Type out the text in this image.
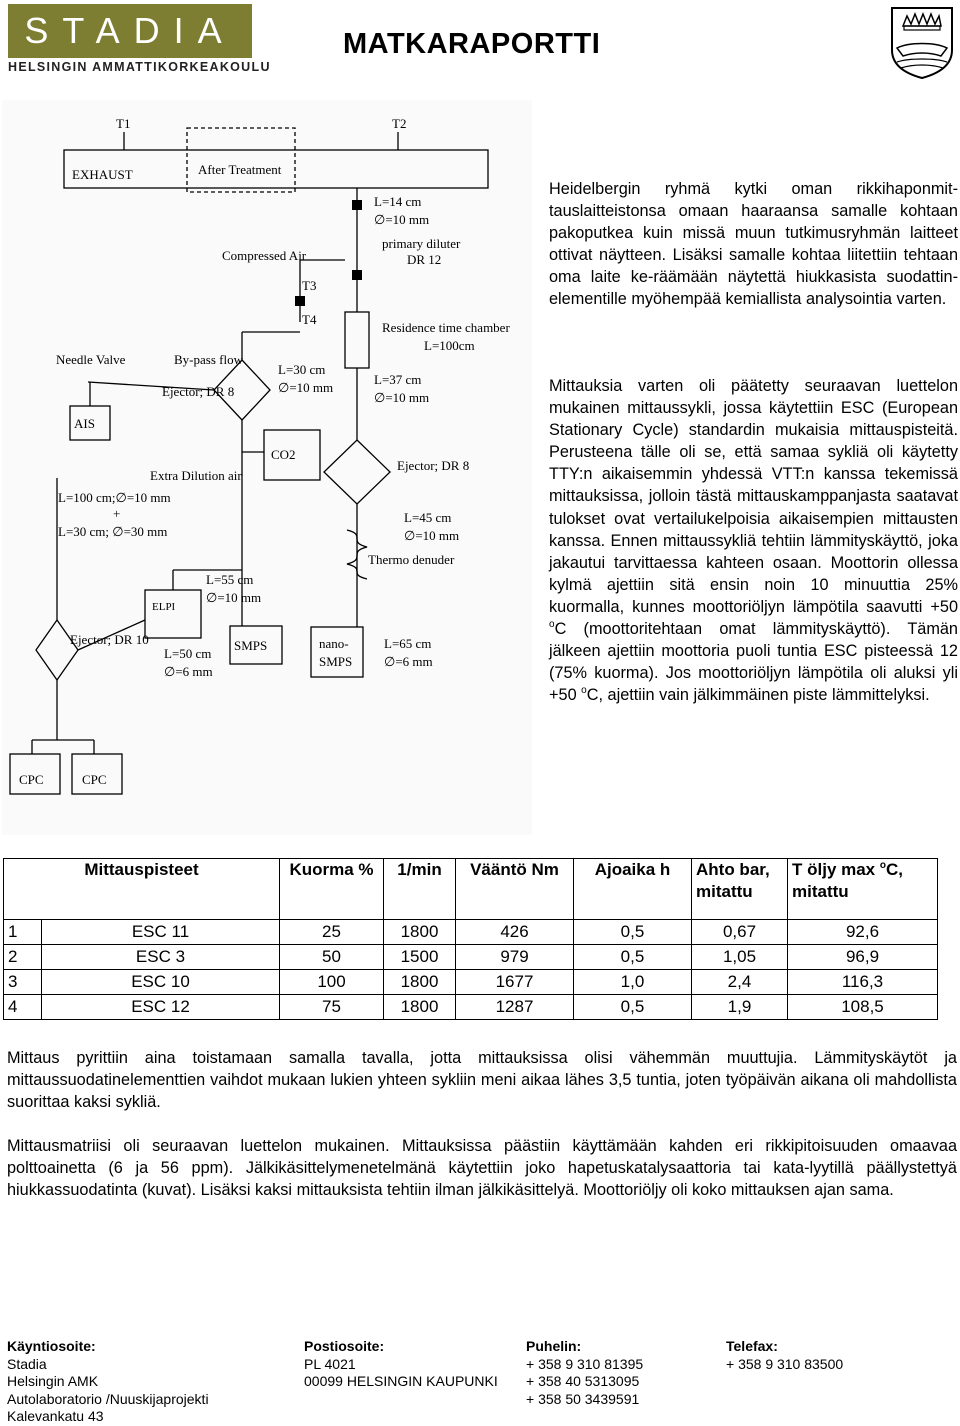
STADIA
HELSINGIN AMMATTIKORKEAKOULU
MATKARAPORTTI
T1	T2
EXHAUST	After Treatment
L=14 cm
∅=10 mm
primary diluter
DR 12
Compressed Air
T3
T4
Residence time chamber
L=100cm
Needle Valve	By-pass flow
Ejector; DR 8
L=30 cm
∅=10 mm
L=37 cm
∅=10 mm
AIS
CO2
Extra Dilution air
Ejector; DR 8
L=100 cm;∅=10 mm
+
L=30 cm; ∅=30 mm
L=45 cm
∅=10 mm
Thermo denuder
L=55 cm
∅=10 mm
ELPI
Ejector; DR 10	SMPS	nano-
SMPS
L=65 cm
∅=6 mm
L=50 cm
∅=6 mm
CPC	CPC
Heidelbergin ryhmä kytki oman rikkihaponmit-tauslaitteistonsa omaan haaraansa samalle kohtaan pakoputkea kuin missä muun tutkimusryhmän laitteet ottivat näytteen. Lisäksi samalle kohtaa liitettiin tehtaan oma laite ke-räämään näytettä hiukkasista suodattin-elementille myöhempää kemiallista analysointia varten.
Mittauksia varten oli päätetty seuraavan luettelon mukainen mittaussykli, jossa käytettiin ESC (European Stationary Cycle) standardin mukaisia mittauspisteitä. Perusteena tälle oli se, että samaa sykliä oli käytetty TTY:n aikaisemmin yhdessä VTT:n kanssa tekemissä mittauksissa, jolloin tästä mittauskamppanjasta saatavat tulokset ovat vertailukelpoisia aikaisempien mittausten kanssa. Ennen mittaussykliä tehtiin lämmityskäyttö, joka jakautui tarvittaessa kahteen osaan. Moottorin ollessa kylmä ajettiin sitä ensin noin 10 minuuttia 25% kuormalla, kunnes moottoriöljyn lämpötila saavutti +50 $^o$C (moottoritehtaan omat lämmityskäyttö). Tämän jälkeen ajettiin moottoria puoli tuntia ESC pisteessä 12 (75% kuorma). Jos moottoriöljyn lämpötila oli aluksi yli +50 $^o$C, ajettiin vain jälkimmäinen piste lämmittelyksi.
Mittauspisteet		Kuorma %	1/min	Vääntö Nm	Ajoaika h	Ahto bar, mitattu	T öljy max $^o$C, mitattu
1	ESC 11	25	1800	426	0,5	0,67	92,6
2	ESC 3	50	1500	979	0,5	1,05	96,9
3	ESC 10	100	1800	1677	1,0	2,4	116,3
4	ESC 12	75	1800	1287	0,5	1,9	108,5
Mittaus pyrittiin aina toistamaan samalla tavalla, jotta mittauksissa olisi vähemmän muuttujia. Lämmityskäytöt ja mittaussuodatinelementtien vaihdot mukaan lukien yhteen sykliin meni aikaa lähes 3,5 tuntia, joten työpäivän aikana oli mahdollista suorittaa kaksi sykliä.
Mittausmatriisi oli seuraavan luettelon mukainen. Mittauksissa päästiin käyttämään kahden eri rikkipitoisuuden omaavaa polttoainetta (6 ja 56 ppm). Jälkikäsittelymenetelmänä käytettiin joko hapetuskatalysaattoria tai kata-lyytillä päällystettyä hiukkassuodatinta (kuvat). Lisäksi kaksi mittauksista tehtiin ilman jälkikäsittelyä. Moottoriöljy oli koko mittauksen ajan sama.
Käyntiosoite:
Stadia
Helsingin AMK
Autolaboratorio /Nuuskijaprojekti
Kalevankatu 43
Postiosoite:
PL 4021
00099 HELSINGIN KAUPUNKI
Puhelin:
+ 358 9 310 81395
+ 358 40 5313095
+ 358 50 3439591
Telefax:
+ 358 9 310 83500
